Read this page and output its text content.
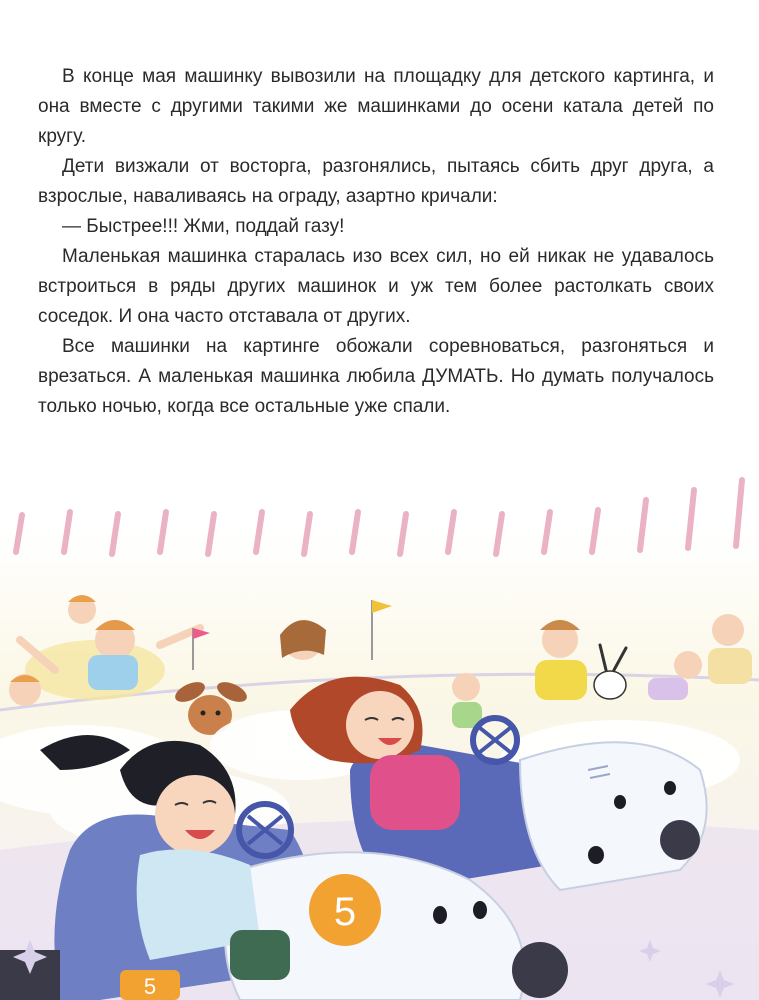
В конце мая машинку вывозили на площадку для детского картинга, и она вместе с другими такими же машинками до осени катала детей по кругу.

Дети визжали от восторга, разгонялись, пытаясь сбить друг друга, а взрослые, наваливаясь на ограду, азартно кричали:

— Быстрее!!! Жми, поддай газу!

Маленькая машинка старалась изо всех сил, но ей никак не удавалось встроиться в ряды других машинок и уж тем более растолкать своих соседок. И она часто отставала от других.

Все машинки на картинге обожали соревноваться, разгоняться и врезаться. А маленькая машинка любила ДУМАТЬ. Но думать получалось только ночью, когда все остальные уже спали.

5
5
